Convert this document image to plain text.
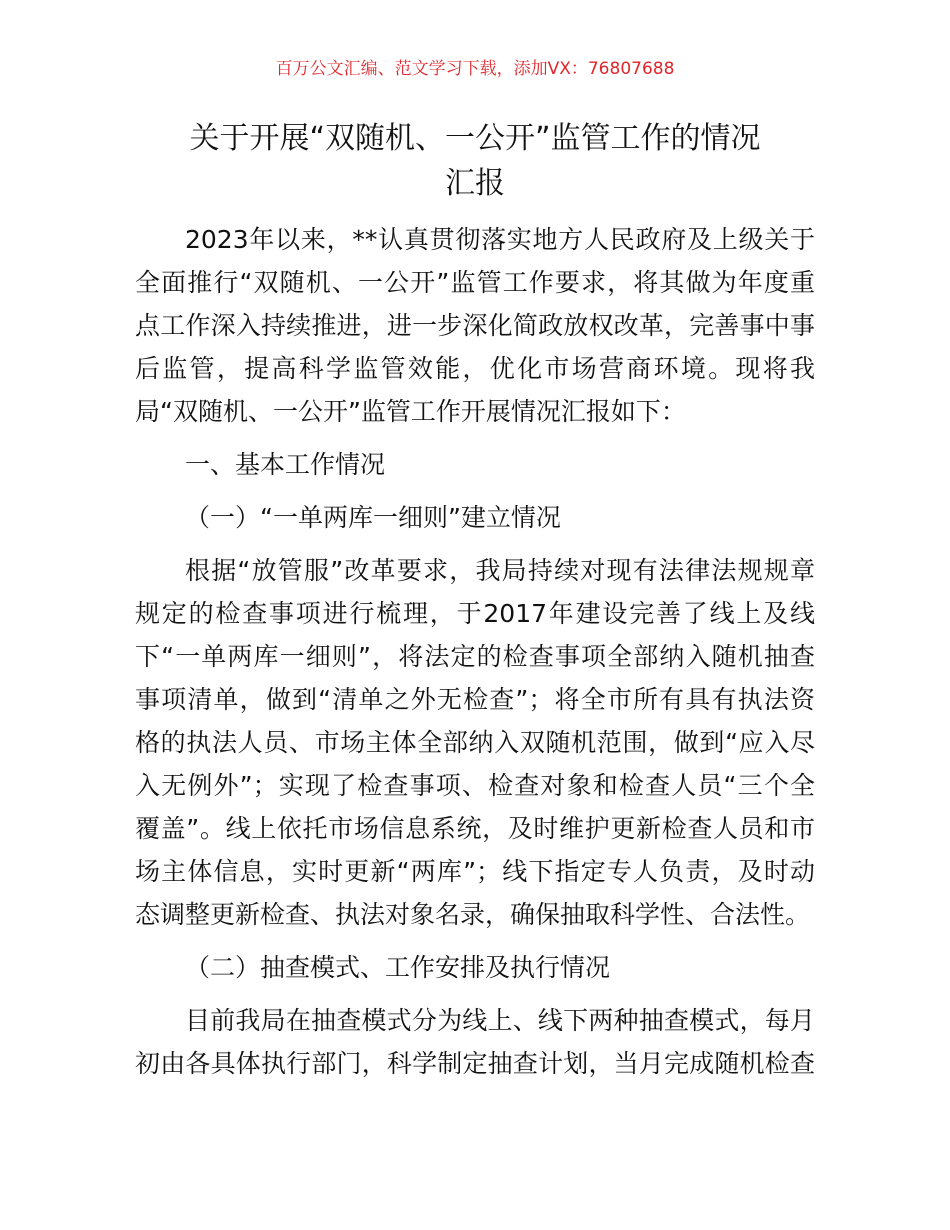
百万公文汇编、范文学习下载，添加VX：76807688
关于开展“双随机、一公开”监管工作的情况
汇报
2023年以来，**认真贯彻落实地方人民政府及上级关于
全面推行“双随机、一公开”监管工作要求，将其做为年度重
点工作深入持续推进，进一步深化简政放权改革，完善事中事
后监管，提高科学监管效能，优化市场营商环境。现将我
局“双随机、一公开”监管工作开展情况汇报如下：
一、基本工作情况
（一）“一单两库一细则”建立情况
根据“放管服”改革要求，我局持续对现有法律法规规章
规定的检查事项进行梳理，于2017年建设完善了线上及线
下“一单两库一细则”，将法定的检查事项全部纳入随机抽查
事项清单，做到“清单之外无检查”；将全市所有具有执法资
格的执法人员、市场主体全部纳入双随机范围，做到“应入尽
入无例外”；实现了检查事项、检查对象和检查人员“三个全
覆盖”。线上依托市场信息系统，及时维护更新检查人员和市
场主体信息，实时更新“两库”；线下指定专人负责，及时动
态调整更新检查、执法对象名录，确保抽取科学性、合法性。
（二）抽查模式、工作安排及执行情况
目前我局在抽查模式分为线上、线下两种抽查模式，每月
初由各具体执行部门，科学制定抽查计划，当月完成随机检查
